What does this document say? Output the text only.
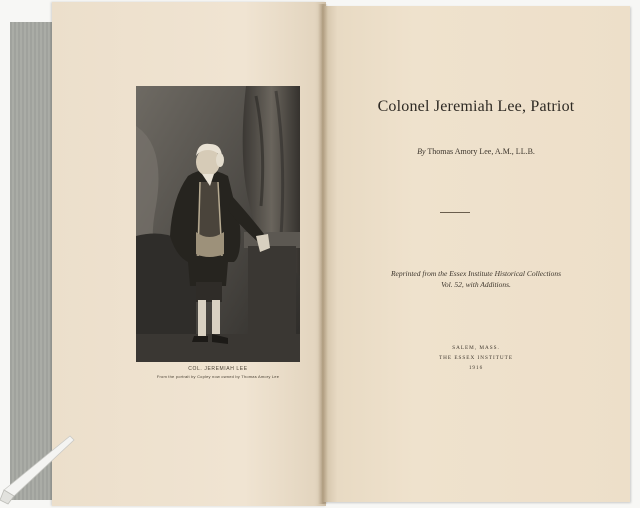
COL. JEREMIAH LEE
From the portrait by Copley now owned by Thomas Amory Lee
Colonel Jeremiah Lee, Patriot
By Thomas Amory Lee, A.M., LL.B.
Reprinted from the Essex Institute Historical Collections
Vol. 52, with Additions.
SALEM, MASS.
THE ESSEX INSTITUTE
1916
